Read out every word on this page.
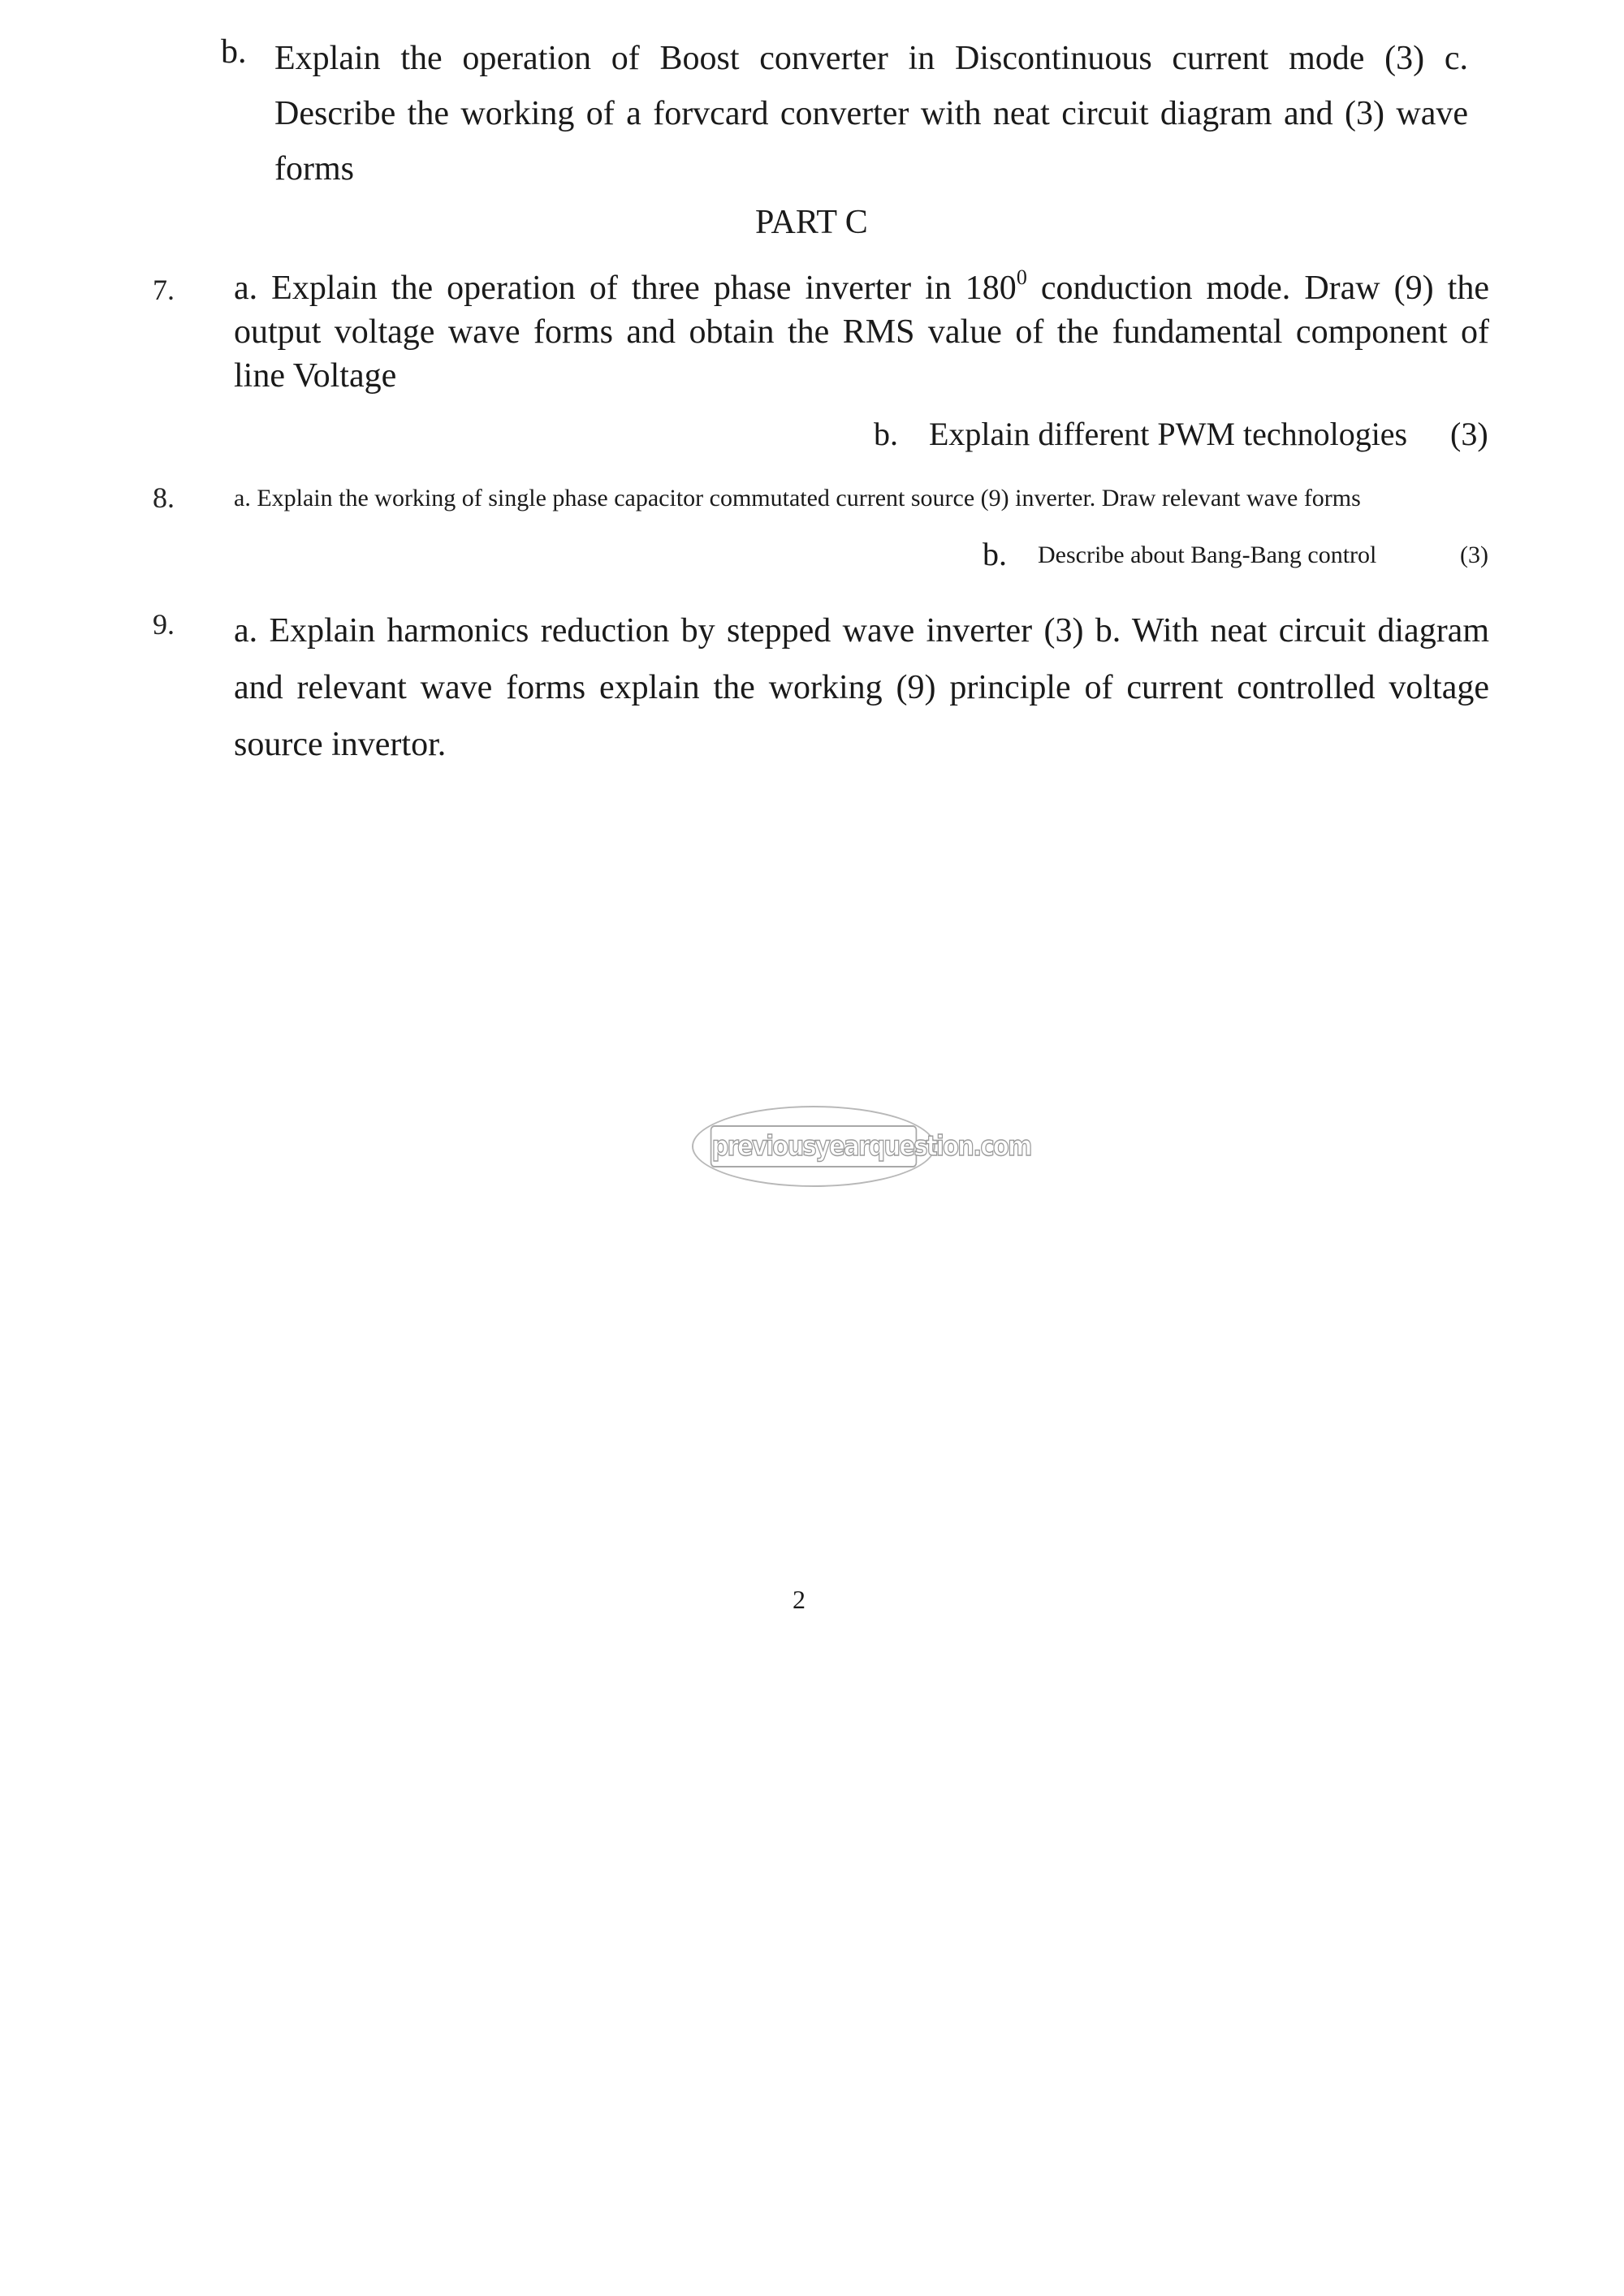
b. Explain the operation of Boost converter in Discontinuous current mode (3) c.
Describe the working of a forvcard converter with neat circuit diagram and (3) wave
forms
PART C
7. a. Explain the operation of three phase inverter in $180^0$ conduction mode. Draw (9) the
output voltage wave forms and obtain the RMS value of the fundamental component of
line Voltage
b. Explain different PWM technologies (3)
8. a. Explain the working of single phase capacitor commutated current source (9) inverter. Draw relevant wave forms
b. Describe about Bang-Bang control	(3)
9. a. Explain harmonics reduction by stepped wave inverter (3) b. With neat circuit diagram
and relevant wave forms explain the working (9) principle of current controlled voltage
source invertor.
previousyearquestion.com
2
